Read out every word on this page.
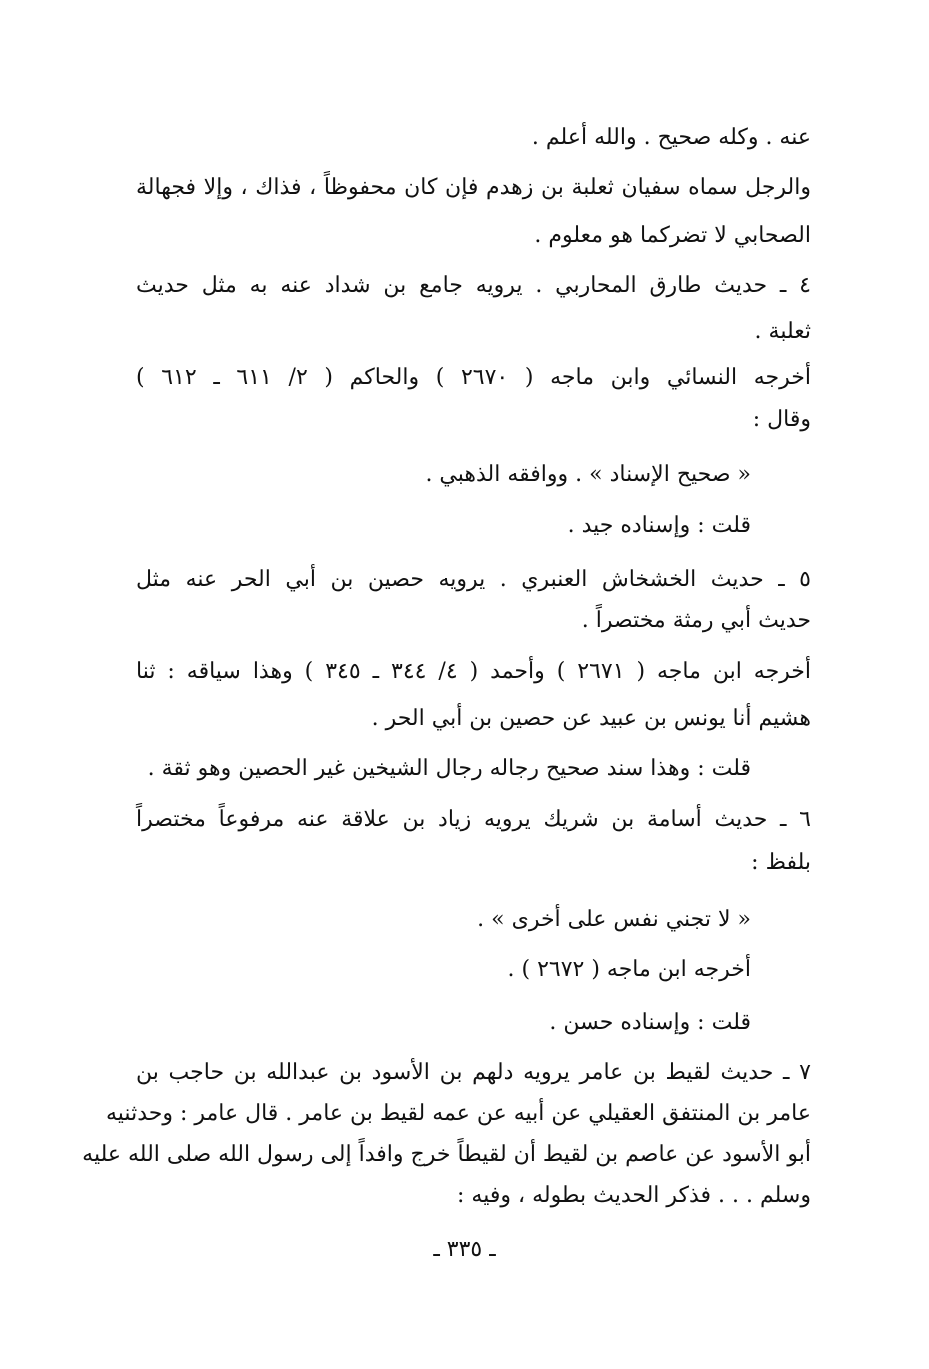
عنه . وكله صحيح . والله أعلم .
والرجل سماه سفيان ثعلبة بن زهدم فإن كان محفوظاً ، فذاك ، وإلا فجهالة
الصحابي لا تضركما هو معلوم .
٤ ـ حديث طارق المحاربي . يرويه جامع بن شداد عنه به مثل حديث
ثعلبة .
أخرجه النسائي وابن ماجه ( ٢٦٧٠ ) والحاكم ( ٢/ ٦١١ ـ ٦١٢ )
وقال :
« صحيح الإسناد » . ووافقه الذهبي .
قلت : وإسناده جيد .
٥ ـ حديث الخشخاش العنبري . يرويه حصين بن أبي الحر عنه مثل
حديث أبي رمثة مختصراً .
أخرجه ابن ماجه ( ٢٦٧١ ) وأحمد ( ٤/ ٣٤٤ ـ ٣٤٥ ) وهذا سياقه : ثنا
هشيم أنا يونس بن عبيد عن حصين بن أبي الحر .
قلت : وهذا سند صحيح رجاله رجال الشيخين غير الحصين وهو ثقة .
٦ ـ حديث أسامة بن شريك يرويه زياد بن علاقة عنه مرفوعاً مختصراً
بلفظ :
« لا تجني نفس على أخرى » .
أخرجه ابن ماجه ( ٢٦٧٢ ) .
قلت : وإسناده حسن .
٧ ـ حديث لقيط بن عامر يرويه دلهم بن الأسود بن عبدالله بن حاجب بن
عامر بن المنتفق العقيلي عن أبيه عن عمه لقيط بن عامر . قال عامر : وحدثنيه
أبو الأسود عن عاصم بن لقيط أن لقيطاً خرج وافداً إلى رسول الله صلى الله عليه
وسلم . . . فذكر الحديث بطوله ، وفيه :
ـ ٣٣٥ ـ
